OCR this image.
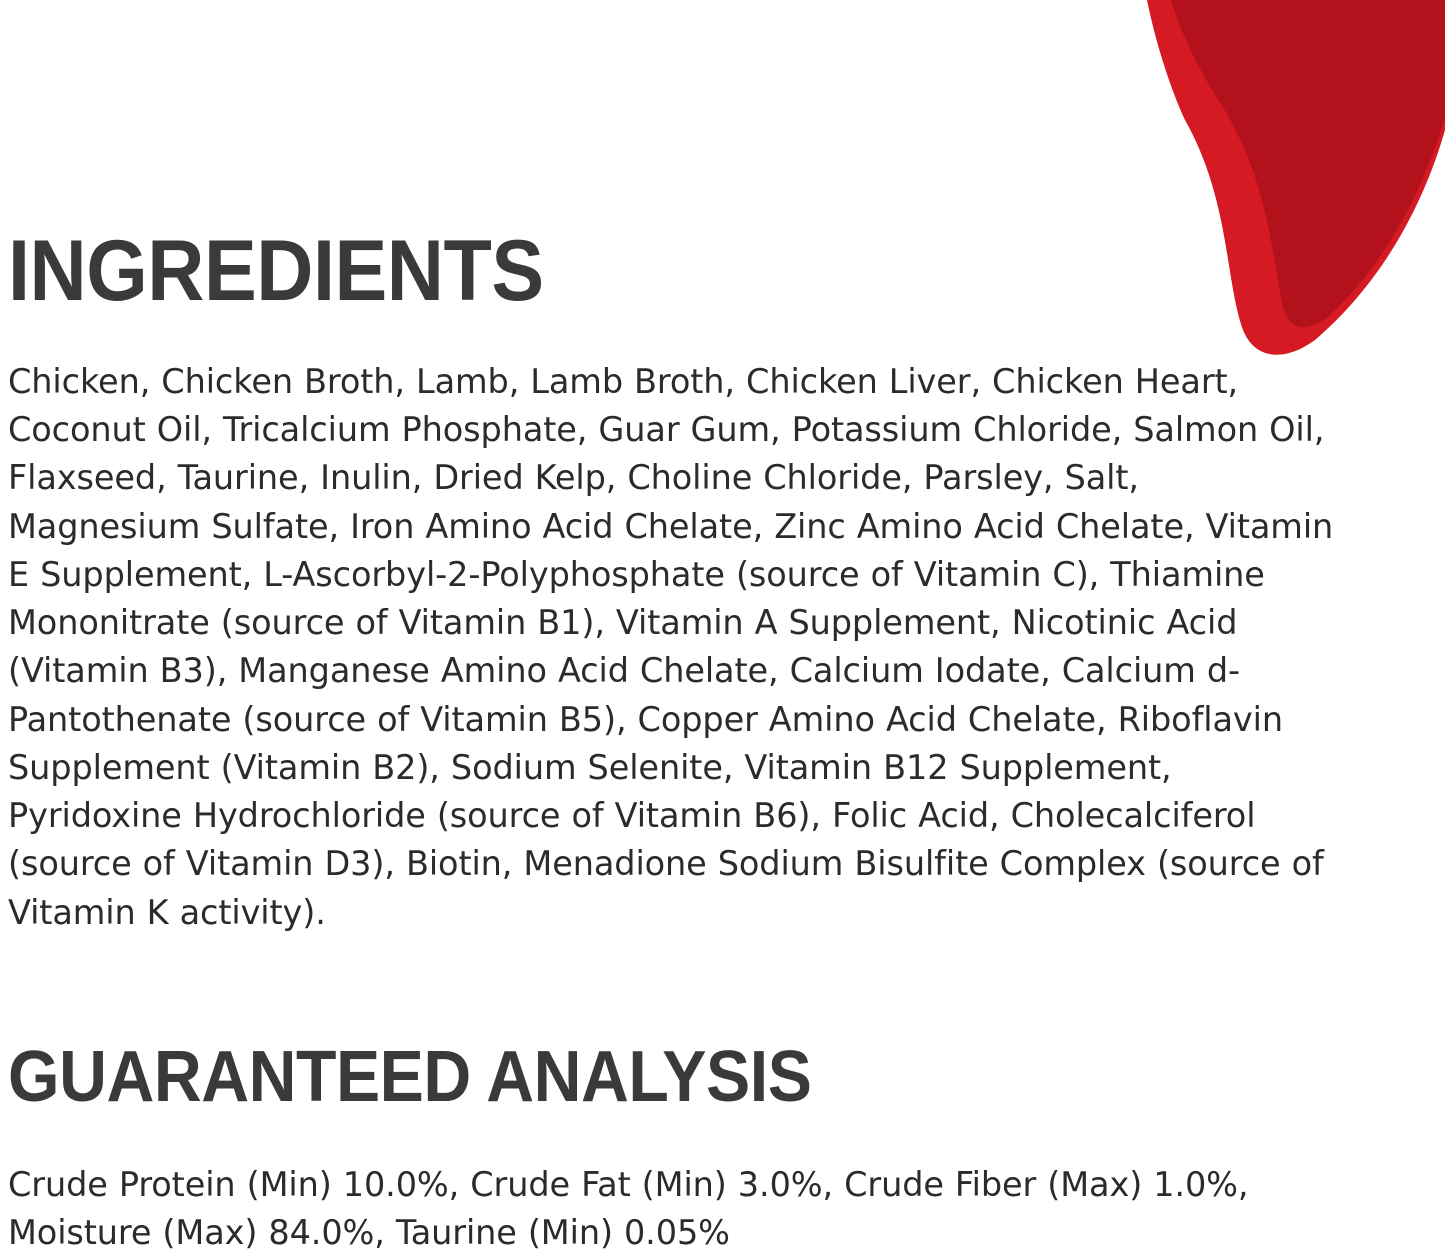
INGREDIENTS
Chicken, Chicken Broth, Lamb, Lamb Broth, Chicken Liver, Chicken Heart, Coconut Oil, Tricalcium Phosphate, Guar Gum, Potassium Chloride, Salmon Oil, Flaxseed, Taurine, Inulin, Dried Kelp, Choline Chloride, Parsley, Salt, Magnesium Sulfate, Iron Amino Acid Chelate, Zinc Amino Acid Chelate, Vitamin E Supplement, L-Ascorbyl-2-Polyphosphate (source of Vitamin C), Thiamine Mononitrate (source of Vitamin B1), Vitamin A Supplement, Nicotinic Acid (Vitamin B3), Manganese Amino Acid Chelate, Calcium Iodate, Calcium d-Pantothenate (source of Vitamin B5), Copper Amino Acid Chelate, Riboflavin Supplement (Vitamin B2), Sodium Selenite, Vitamin B12 Supplement, Pyridoxine Hydrochloride (source of Vitamin B6), Folic Acid, Cholecalciferol (source of Vitamin D3), Biotin, Menadione Sodium Bisulfite Complex (source of Vitamin K activity).
GUARANTEED ANALYSIS
Crude Protein (Min) 10.0%, Crude Fat (Min) 3.0%, Crude Fiber (Max) 1.0%, Moisture (Max) 84.0%, Taurine (Min) 0.05%
